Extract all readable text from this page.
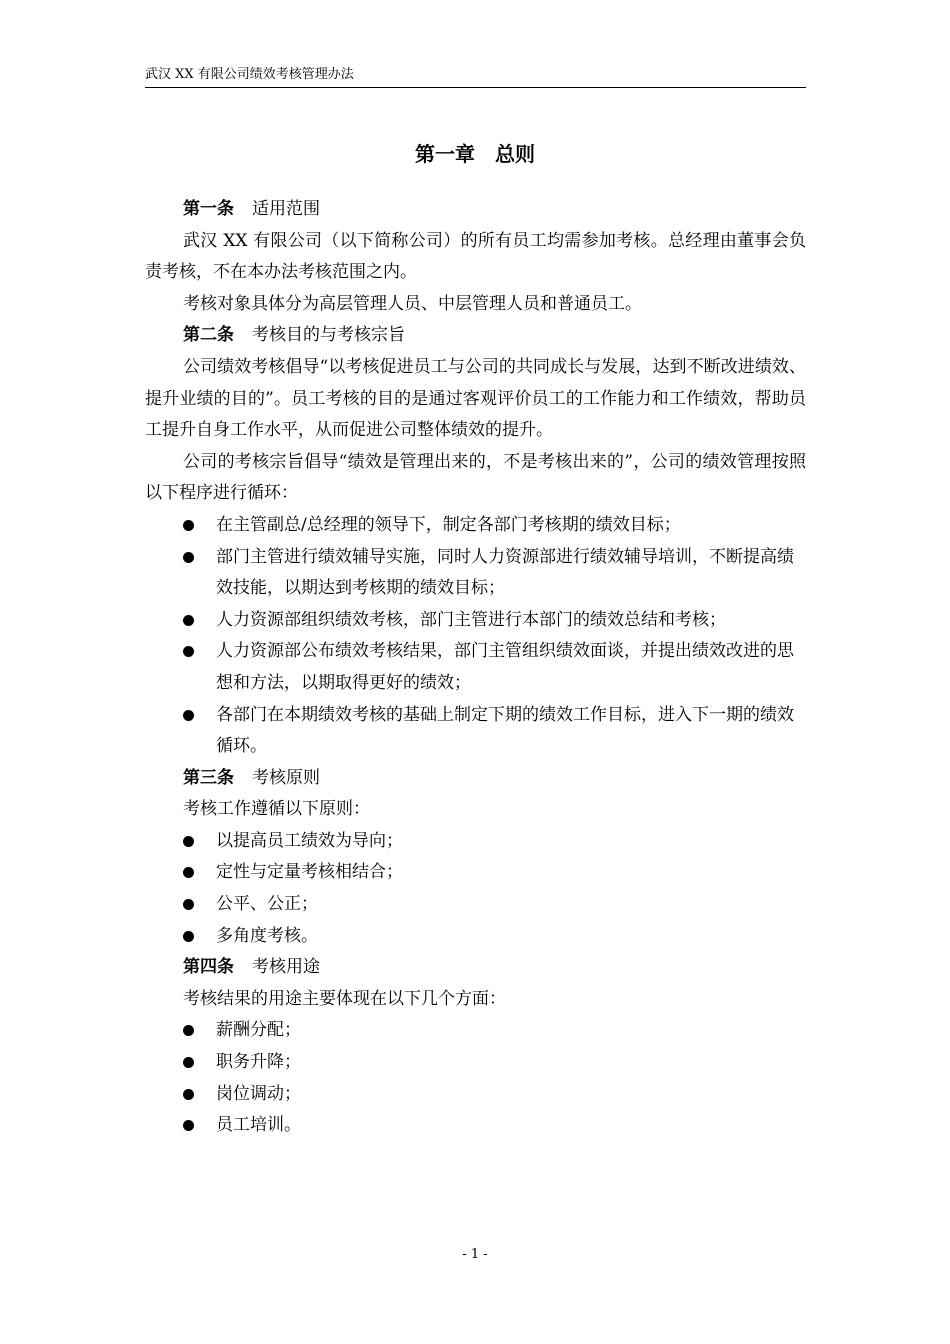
武汉 XX 有限公司绩效考核管理办法
第一章　总则

第一条 适用范围

武汉 XX 有限公司（以下简称公司）的所有员工均需参加考核。总经理由董事会负责考核，不在本办法考核范围之内。

考核对象具体分为高层管理人员、中层管理人员和普通员工。

第二条 考核目的与考核宗旨

公司绩效考核倡导“以考核促进员工与公司的共同成长与发展，达到不断改进绩效、提升业绩的目的”。员工考核的目的是通过客观评价员工的工作能力和工作绩效，帮助员工提升自身工作水平，从而促进公司整体绩效的提升。

公司的考核宗旨倡导“绩效是管理出来的，不是考核出来的”，公司的绩效管理按照以下程序进行循环：

在主管副总/总经理的领导下，制定各部门考核期的绩效目标；
部门主管进行绩效辅导实施，同时人力资源部进行绩效辅导培训，不断提高绩效技能，以期达到考核期的绩效目标；
人力资源部组织绩效考核，部门主管进行本部门的绩效总结和考核；
人力资源部公布绩效考核结果，部门主管组织绩效面谈，并提出绩效改进的思想和方法，以期取得更好的绩效；
各部门在本期绩效考核的基础上制定下期的绩效工作目标，进入下一期的绩效循环。

第三条 考核原则

考核工作遵循以下原则：

以提高员工绩效为导向；
定性与定量考核相结合；
公平、公正；
多角度考核。

第四条 考核用途

考核结果的用途主要体现在以下几个方面：

薪酬分配；
职务升降；
岗位调动；
员工培训。
- 1 -
